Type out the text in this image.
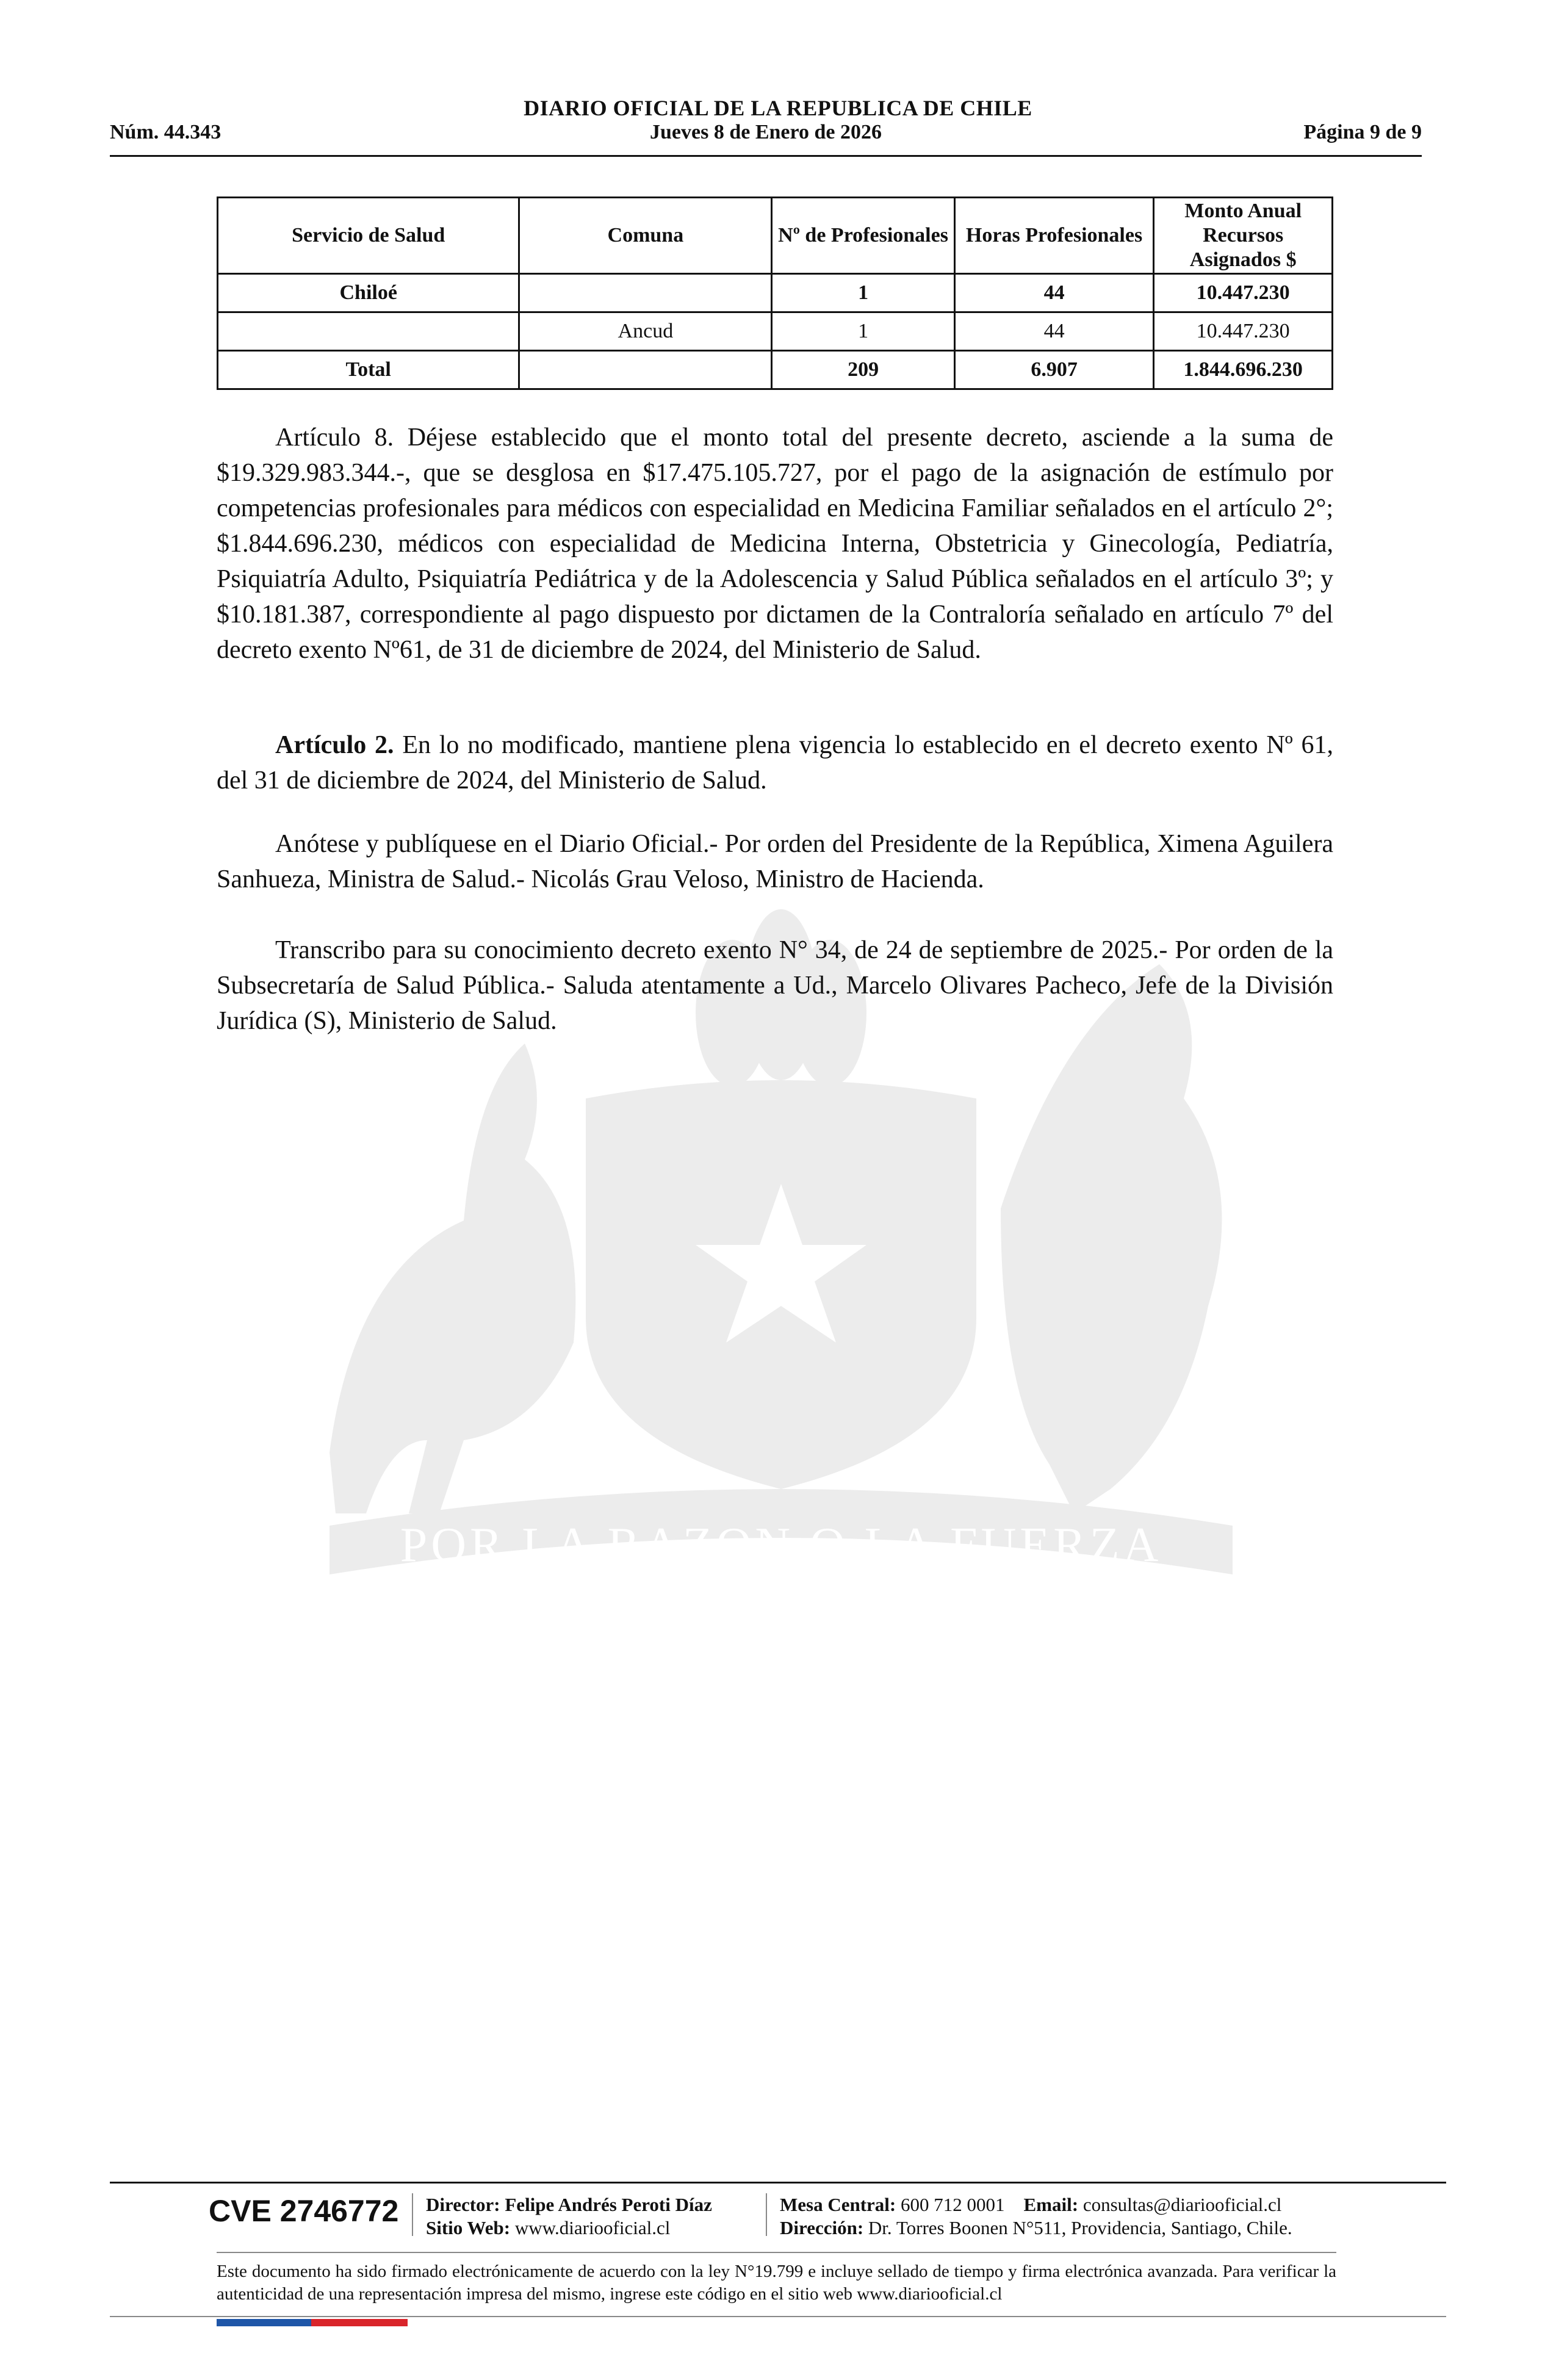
POR LA RAZON O LA FUERZA
DIARIO OFICIAL DE LA REPUBLICA DE CHILE
Núm. 44.343	Jueves 8 de Enero de 2026	Página 9 de 9
Servicio de Salud	Comuna	Nº de Profesionales	Horas Profesionales	Monto Anual Recursos Asignados $
Chiloé		1	44	10.447.230
	Ancud	1	44	10.447.230
Total		209	6.907	1.844.696.230

Artículo 8. Déjese establecido que el monto total del presente decreto, asciende a la suma de $19.329.983.344.-, que se desglosa en $17.475.105.727, por el pago de la asignación de estímulo por competencias profesionales para médicos con especialidad en Medicina Familiar señalados en el artículo 2°; $1.844.696.230, médicos con especialidad de Medicina Interna, Obstetricia y Ginecología, Pediatría, Psiquiatría Adulto, Psiquiatría Pediátrica y de la Adolescencia y Salud Pública señalados en el artículo 3º; y $10.181.387, correspondiente al pago dispuesto por dictamen de la Contraloría señalado en artículo 7º del decreto exento Nº61, de 31 de diciembre de 2024, del Ministerio de Salud.

Artículo 2. En lo no modificado, mantiene plena vigencia lo establecido en el decreto exento Nº 61, del 31 de diciembre de 2024, del Ministerio de Salud.

Anótese y publíquese en el Diario Oficial.- Por orden del Presidente de la República, Ximena Aguilera Sanhueza, Ministra de Salud.- Nicolás Grau Veloso, Ministro de Hacienda.

Transcribo para su conocimiento decreto exento N° 34, de 24 de septiembre de 2025.- Por orden de la Subsecretaría de Salud Pública.- Saluda atentamente a Ud., Marcelo Olivares Pacheco, Jefe de la División Jurídica (S), Ministerio de Salud.

CVE 2746772 Director: Felipe Andrés Peroti Díaz
Sitio Web: www.diariooficial.cl
Mesa Central: 600 712 0001 Email: consultas@diariooficial.cl
Dirección: Dr. Torres Boonen N°511, Providencia, Santiago, Chile.
Este documento ha sido firmado electrónicamente de acuerdo con la ley N°19.799 e incluye sellado de tiempo y firma electrónica avanzada. Para verificar la autenticidad de una representación impresa del mismo, ingrese este código en el sitio web www.diariooficial.cl
